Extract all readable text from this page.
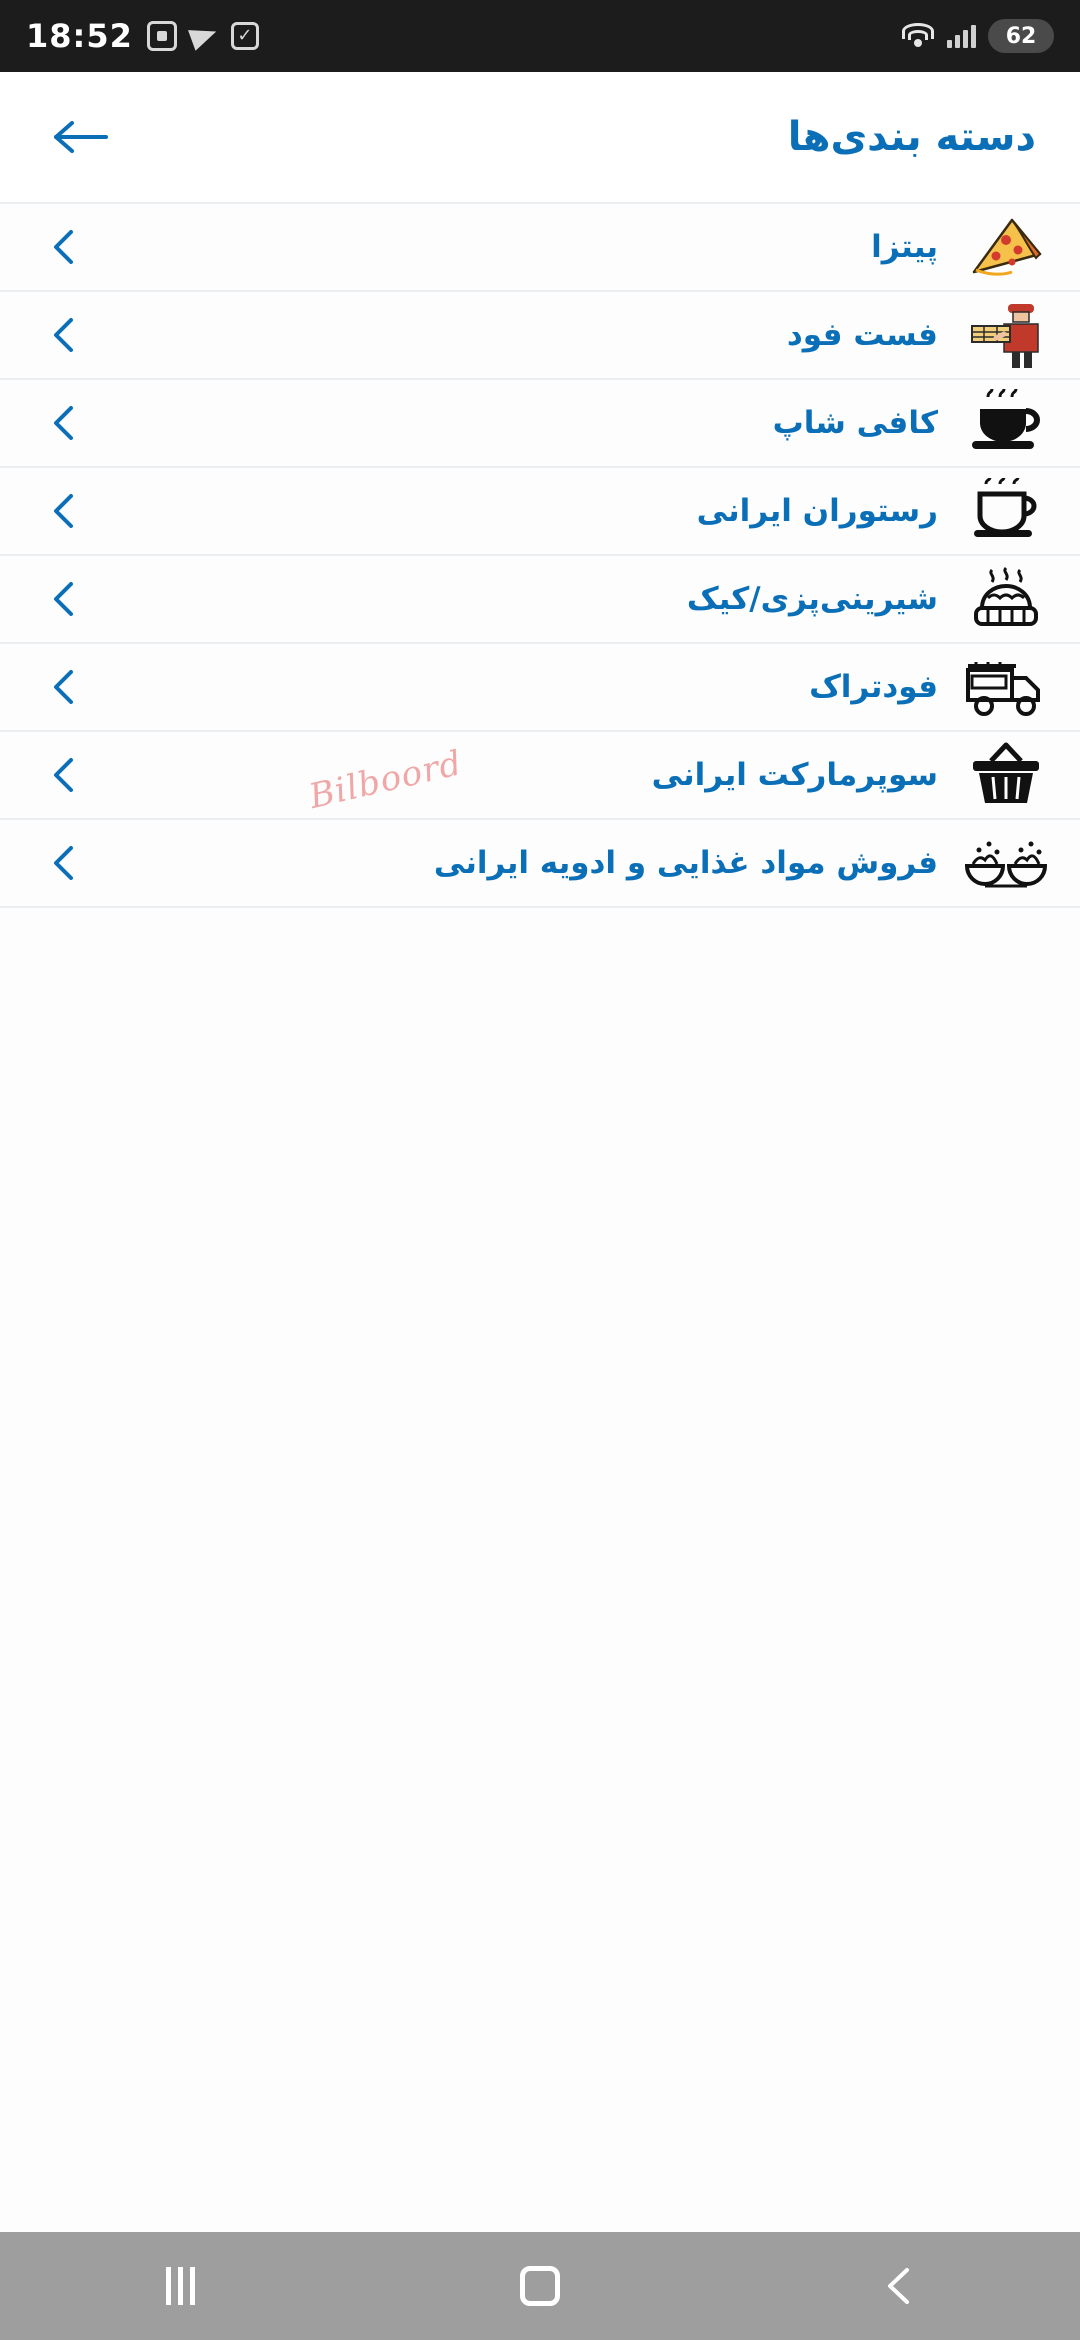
18:52	✓	62
دسته بندی‌ها
پیتزا
فست فود
کافی شاپ
رستوران ایرانی
شیرینی‌پزی/کیک
فودتراک
سوپرمارکت ایرانی
فروش مواد غذایی و ادویه ایرانی
Bilboord
